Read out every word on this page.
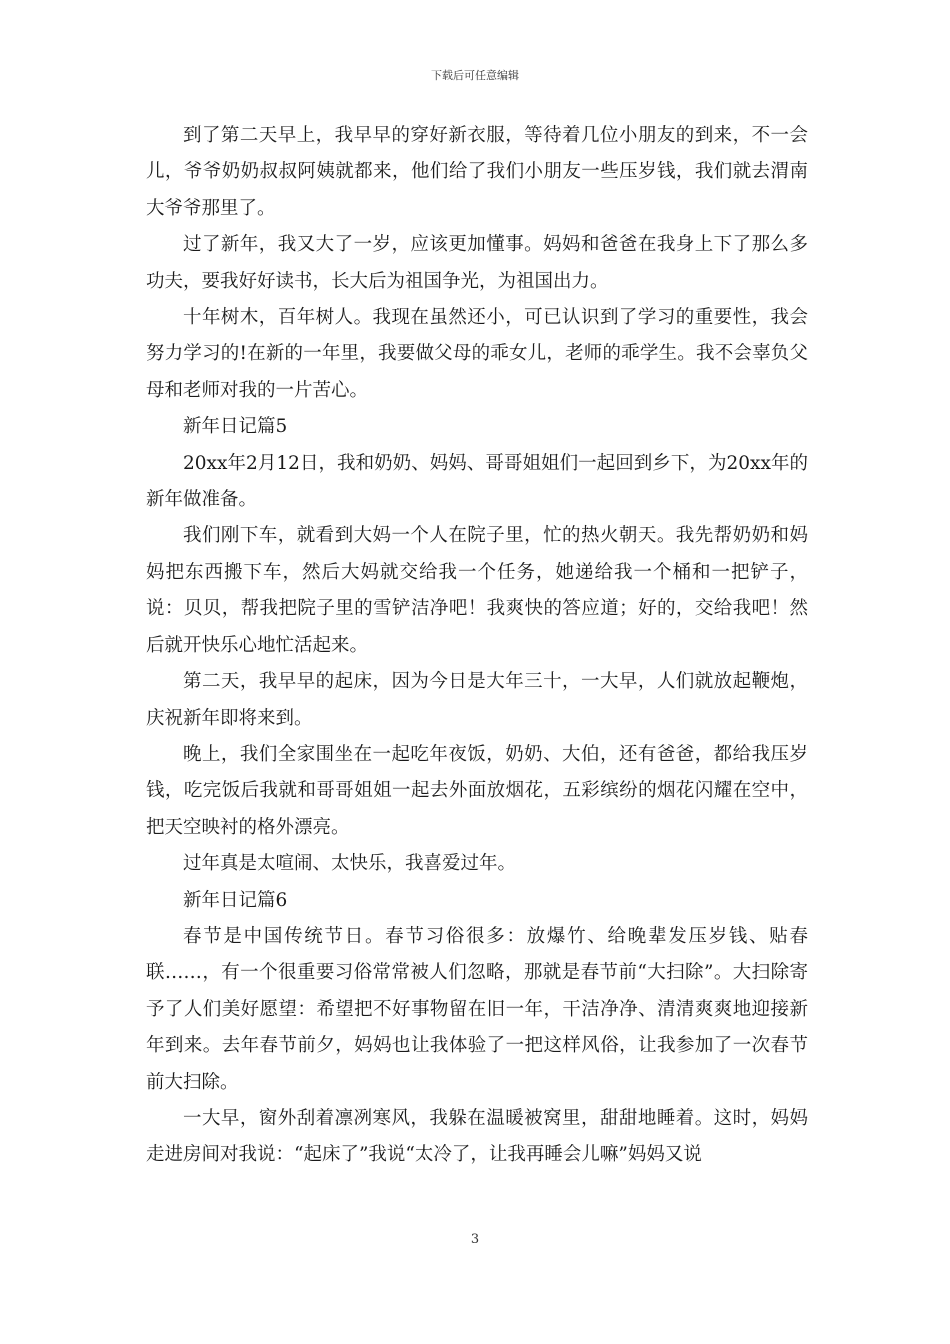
下载后可任意编辑

到了第二天早上，我早早的穿好新衣服，等待着几位小朋友的到来，不一会儿，爷爷奶奶叔叔阿姨就都来，他们给了我们小朋友一些压岁钱，我们就去渭南大爷爷那里了。

过了新年，我又大了一岁，应该更加懂事。妈妈和爸爸在我身上下了那么多功夫，要我好好读书，长大后为祖国争光，为祖国出力。

十年树木，百年树人。我现在虽然还小，可已认识到了学习的重要性，我会努力学习的!在新的一年里，我要做父母的乖女儿，老师的乖学生。我不会辜负父母和老师对我的一片苦心。

新年日记篇5

20xx年2月12日，我和奶奶、妈妈、哥哥姐姐们一起回到乡下，为20xx年的新年做准备。

我们刚下车，就看到大妈一个人在院子里，忙的热火朝天。我先帮奶奶和妈妈把东西搬下车，然后大妈就交给我一个任务，她递给我一个桶和一把铲子，说：贝贝，帮我把院子里的雪铲洁净吧！我爽快的答应道；好的，交给我吧！然后就开快乐心地忙活起来。

第二天，我早早的起床，因为今日是大年三十，一大早，人们就放起鞭炮，庆祝新年即将来到。

晚上，我们全家围坐在一起吃年夜饭，奶奶、大伯，还有爸爸，都给我压岁钱，吃完饭后我就和哥哥姐姐一起去外面放烟花，五彩缤纷的烟花闪耀在空中，把天空映衬的格外漂亮。

过年真是太喧闹、太快乐，我喜爱过年。

新年日记篇6

春节是中国传统节日。春节习俗很多：放爆竹、给晚辈发压岁钱、贴春联……，有一个很重要习俗常常被人们忽略，那就是春节前“大扫除”。大扫除寄予了人们美好愿望：希望把不好事物留在旧一年，干洁净净、清清爽爽地迎接新年到来。去年春节前夕，妈妈也让我体验了一把这样风俗，让我参加了一次春节前大扫除。

一大早，窗外刮着凛冽寒风，我躲在温暖被窝里，甜甜地睡着。这时，妈妈走进房间对我说：“起床了”我说“太冷了，让我再睡会儿嘛”妈妈又说

3
